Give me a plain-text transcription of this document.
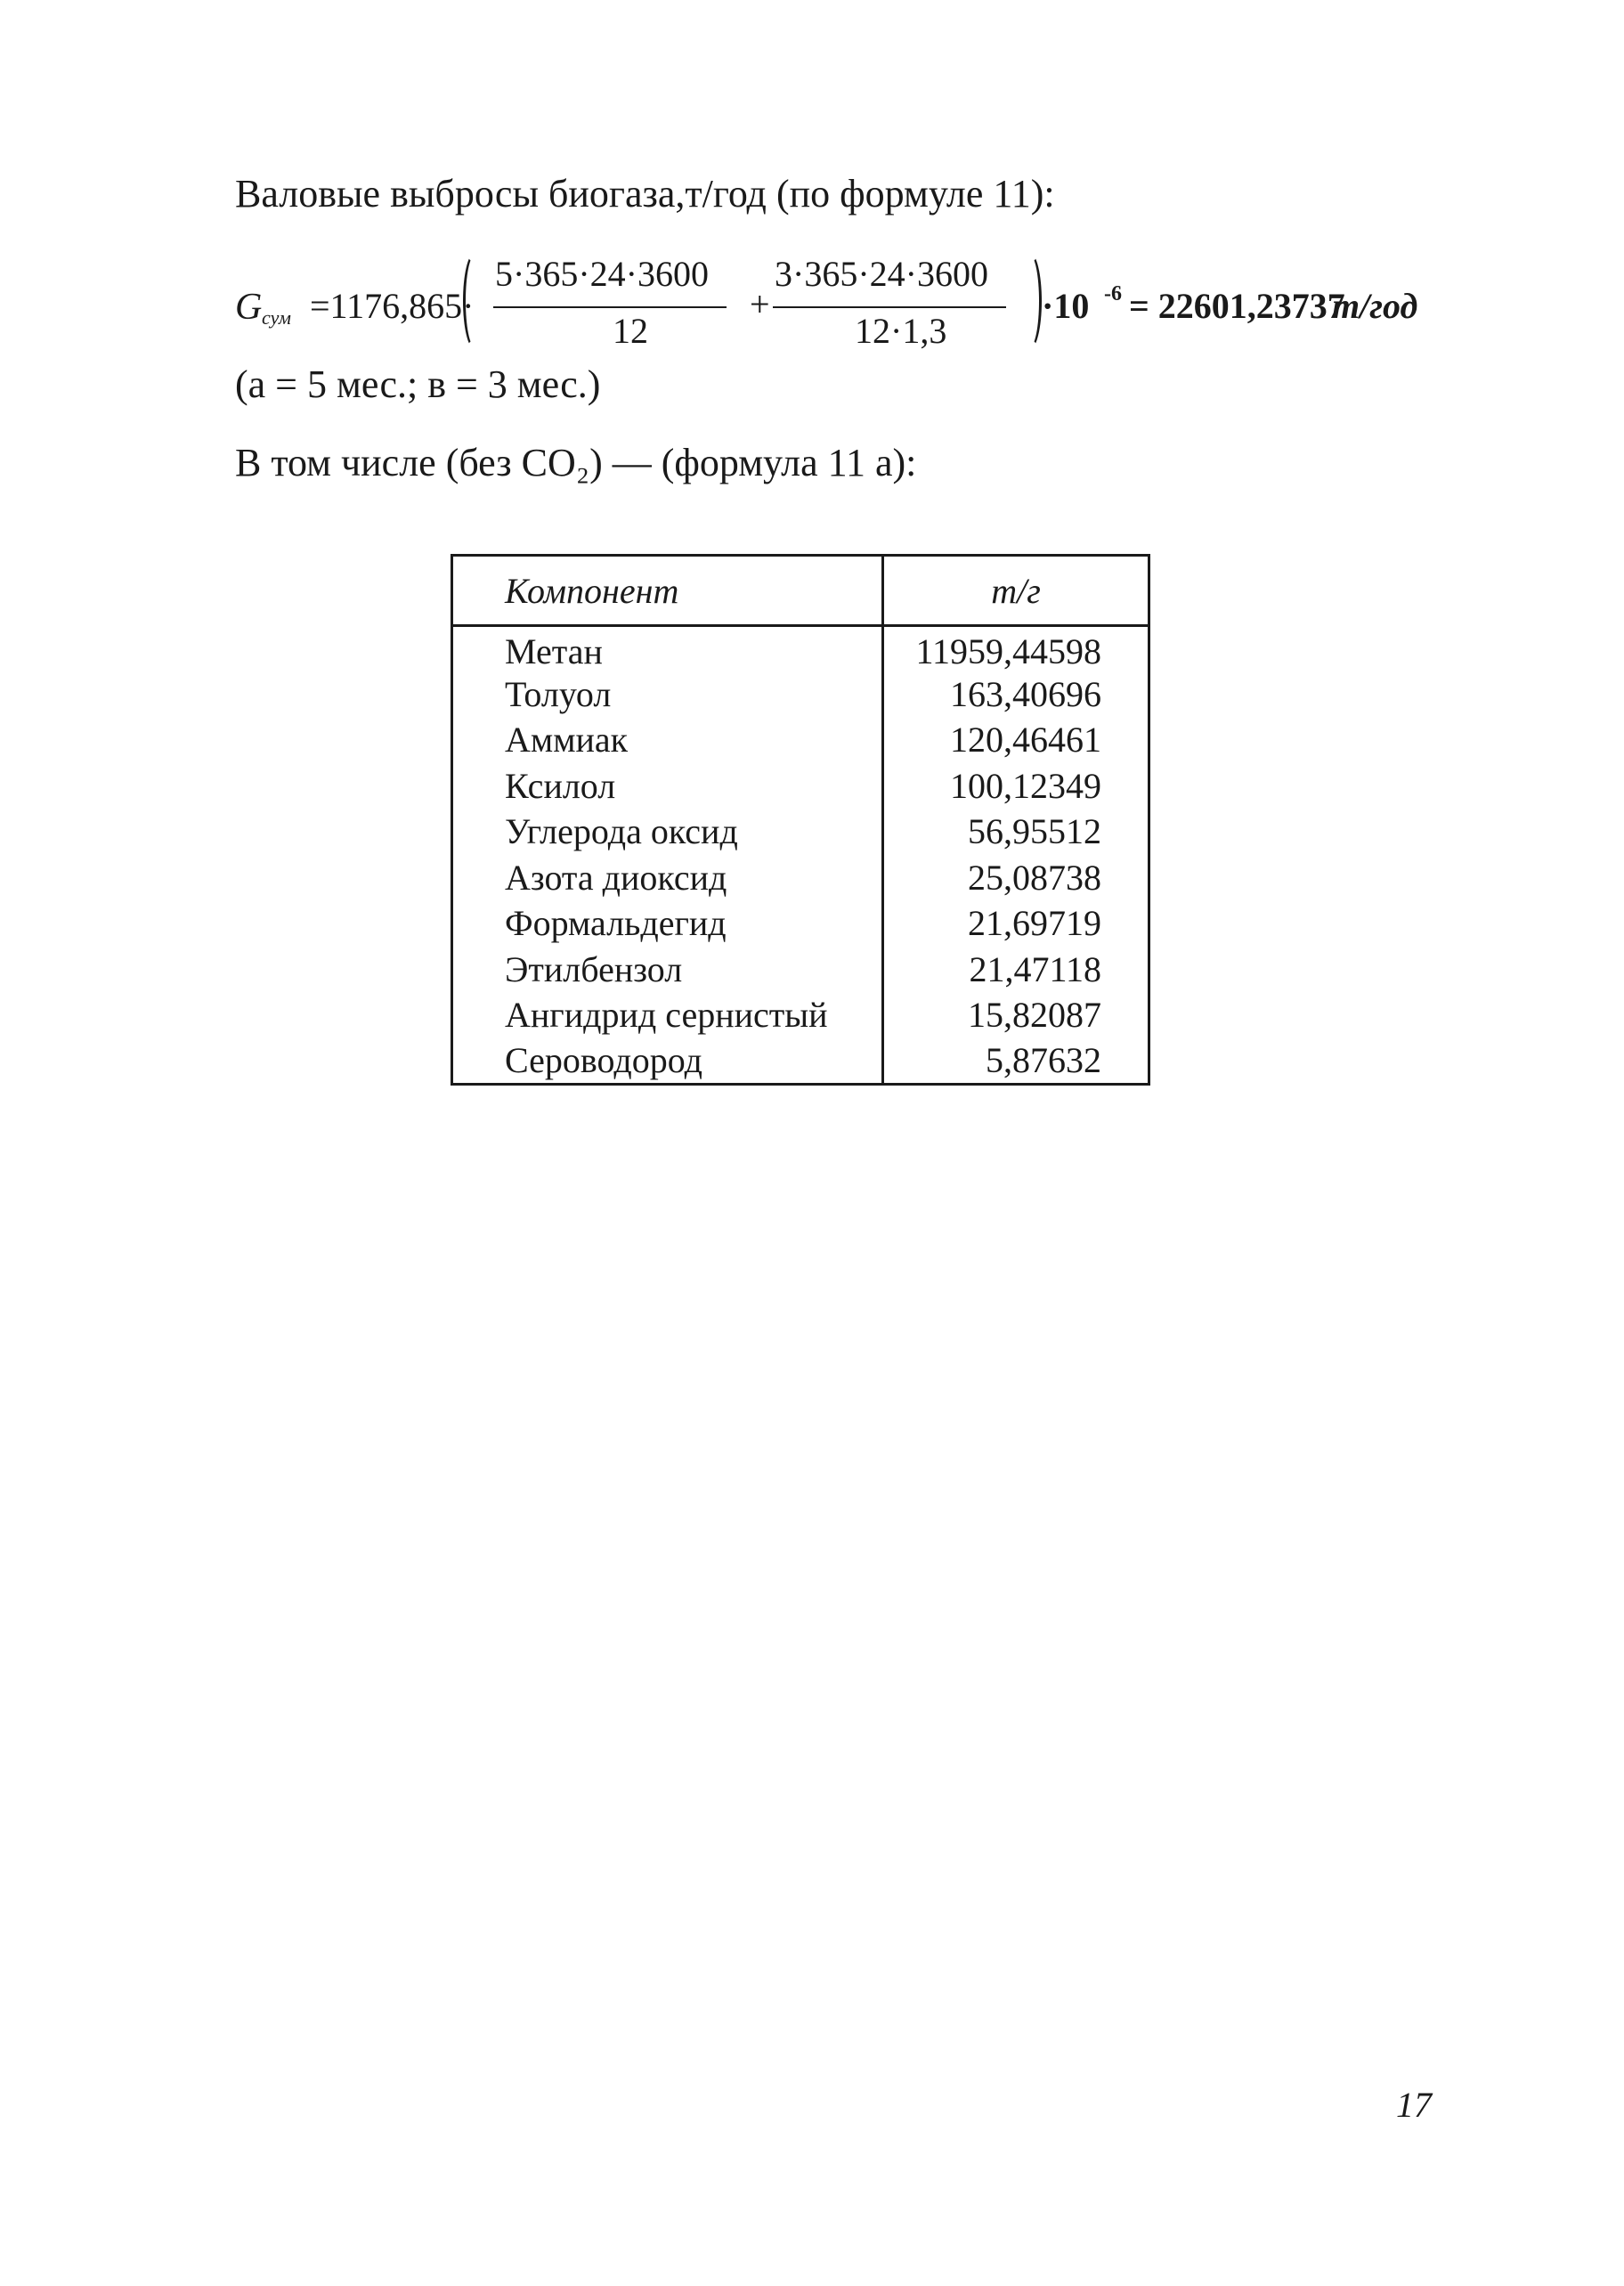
Валовые выбросы биогаза,т/год (по формуле 11):
G сум =1176,865·
5·365·24·3600
12
+
3·365·24·3600
12·1,3
·10 -6 = 22601,23737
т/год
(а = 5 мес.; в = 3 мес.)
В том числе (без CO₂) — (формула 11 а):
Компонент	т/г
Метан	11959,44598
Толуол	163,40696
Аммиак	120,46461
Ксилол	100,12349
Углерода оксид	56,95512
Азота диоксид	25,08738
Формальдегид	21,69719
Этилбензол	21,47118
Ангидрид сернистый	15,82087
Сероводород	5,87632
17
